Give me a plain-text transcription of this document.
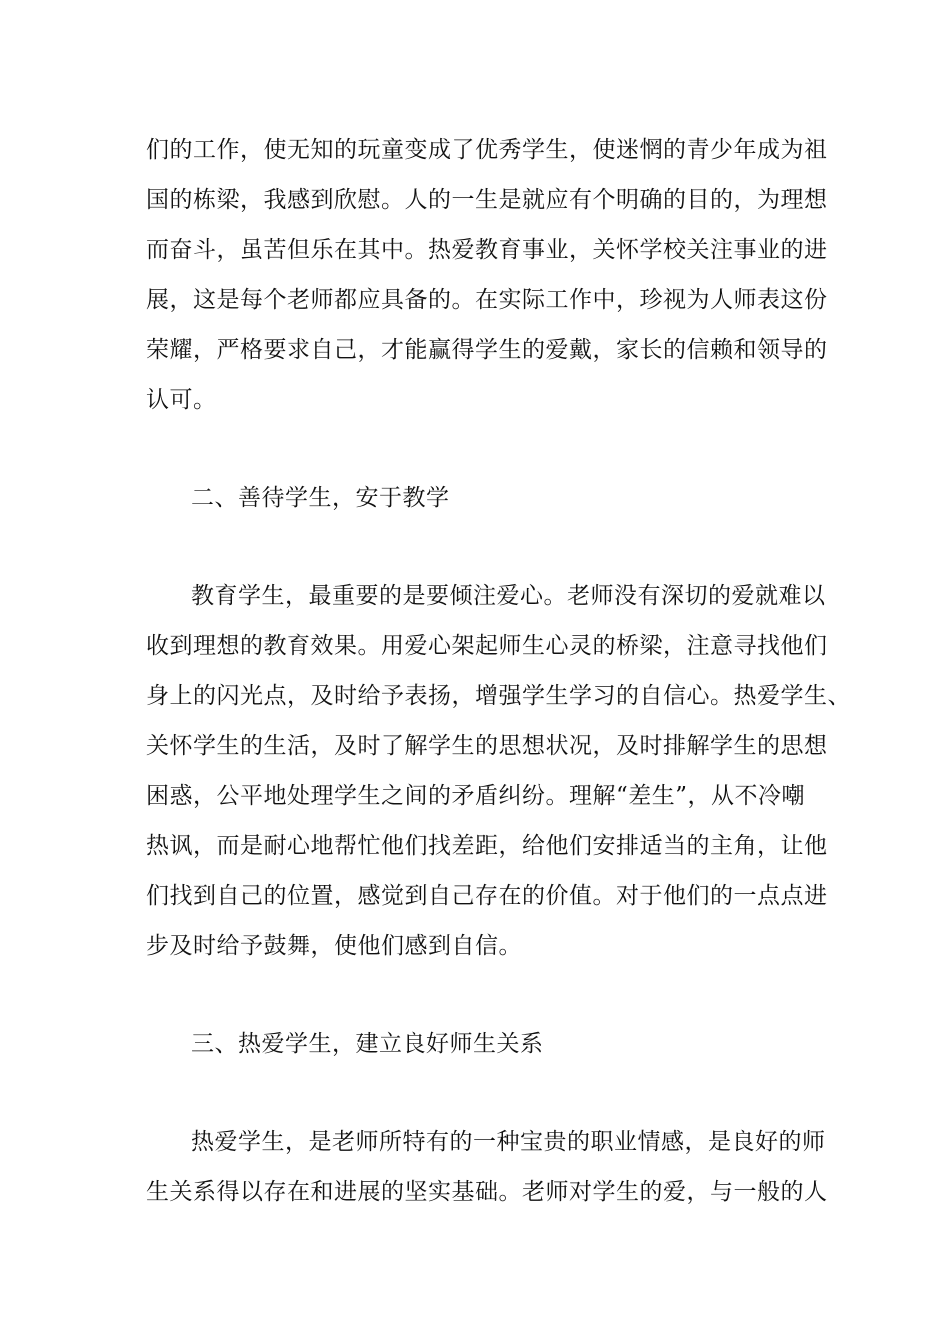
们的工作，使无知的玩童变成了优秀学生，使迷惘的青少年成为祖
国的栋梁，我感到欣慰。人的一生是就应有个明确的目的，为理想
而奋斗，虽苦但乐在其中。热爱教育事业，关怀学校关注事业的进
展，这是每个老师都应具备的。在实际工作中，珍视为人师表这份
荣耀，严格要求自己，才能赢得学生的爱戴，家长的信赖和领导的
认可。
二、善待学生，安于教学
教育学生，最重要的是要倾注爱心。老师没有深切的爱就难以
收到理想的教育效果。用爱心架起师生心灵的桥梁，注意寻找他们
身上的闪光点，及时给予表扬，增强学生学习的自信心。热爱学生、
关怀学生的生活，及时了解学生的思想状况，及时排解学生的思想
困惑，公平地处理学生之间的矛盾纠纷。理解“差生”，从不冷嘲
热讽，而是耐心地帮忙他们找差距，给他们安排适当的主角，让他
们找到自己的位置，感觉到自己存在的价值。对于他们的一点点进
步及时给予鼓舞，使他们感到自信。
三、热爱学生，建立良好师生关系
热爱学生，是老师所特有的一种宝贵的职业情感，是良好的师
生关系得以存在和进展的坚实基础。老师对学生的爱，与一般的人
